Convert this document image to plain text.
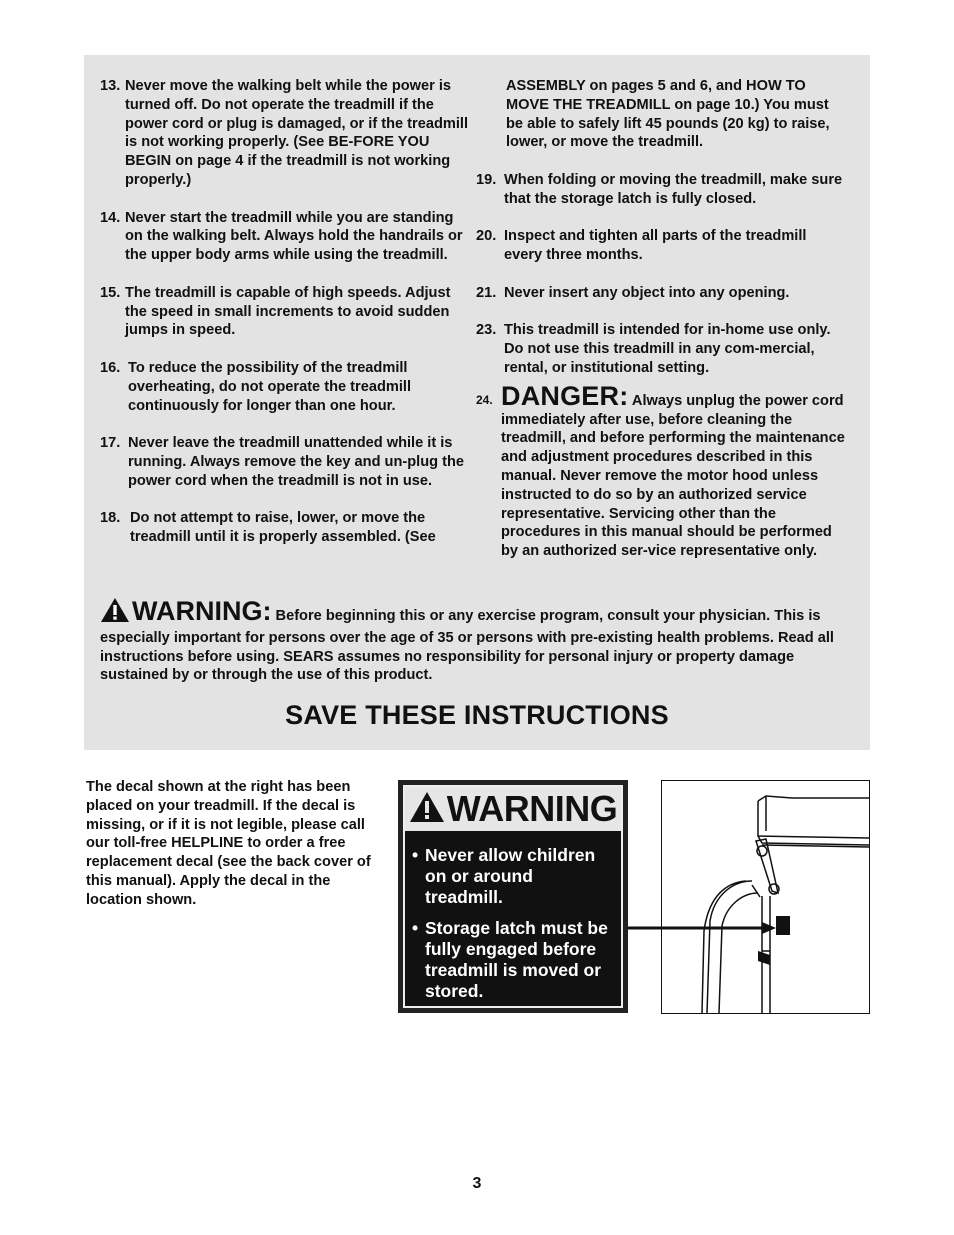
13. Never move the walking belt while the power is turned off. Do not operate the treadmill if the power cord or plug is damaged, or if the treadmill is not working properly. (See BE-FORE YOU BEGIN on page 4 if the treadmill is not working properly.)
14. Never start the treadmill while you are standing on the walking belt. Always hold the handrails or the upper body arms while using the treadmill.
15. The treadmill is capable of high speeds. Adjust the speed in small increments to avoid sudden jumps in speed.
16. To reduce the possibility of the treadmill overheating, do not operate the treadmill continuously for longer than one hour.
17. Never leave the treadmill unattended while it is running. Always remove the key and un-plug the power cord when the treadmill is not in use.
18. Do not attempt to raise, lower, or move the treadmill until it is properly assembled. (See
ASSEMBLY on pages 5 and 6, and HOW TO MOVE THE TREADMILL on page 10.) You must be able to safely lift 45 pounds (20 kg) to raise, lower, or move the treadmill.
19. When folding or moving the treadmill, make sure that the storage latch is fully closed.
20. Inspect and tighten all parts of the treadmill every three months.
21. Never insert any object into any opening.
23. This treadmill is intended for in-home use only. Do not use this treadmill in any com-mercial, rental, or institutional setting.
24. DANGER: Always unplug the power cord immediately after use, before cleaning the treadmill, and before performing the maintenance and adjustment procedures described in this manual. Never remove the motor hood unless instructed to do so by an authorized service representative. Servicing other than the procedures in this manual should be performed by an authorized ser-vice representative only.
WARNING: Before beginning this or any exercise program, consult your physician. This is especially important for persons over the age of 35 or persons with pre-existing health problems. Read all instructions before using. SEARS assumes no responsibility for personal injury or property damage sustained by or through the use of this product.
SAVE THESE INSTRUCTIONS
The decal shown at the right has been placed on your treadmill. If the decal is missing, or if it is not legible, please call our toll-free HELPLINE to order a free replacement decal (see the back cover of this manual). Apply the decal in the location shown.
WARNING
• Never allow children on or around treadmill.
• Storage latch must be fully engaged before treadmill is moved or stored.
3
